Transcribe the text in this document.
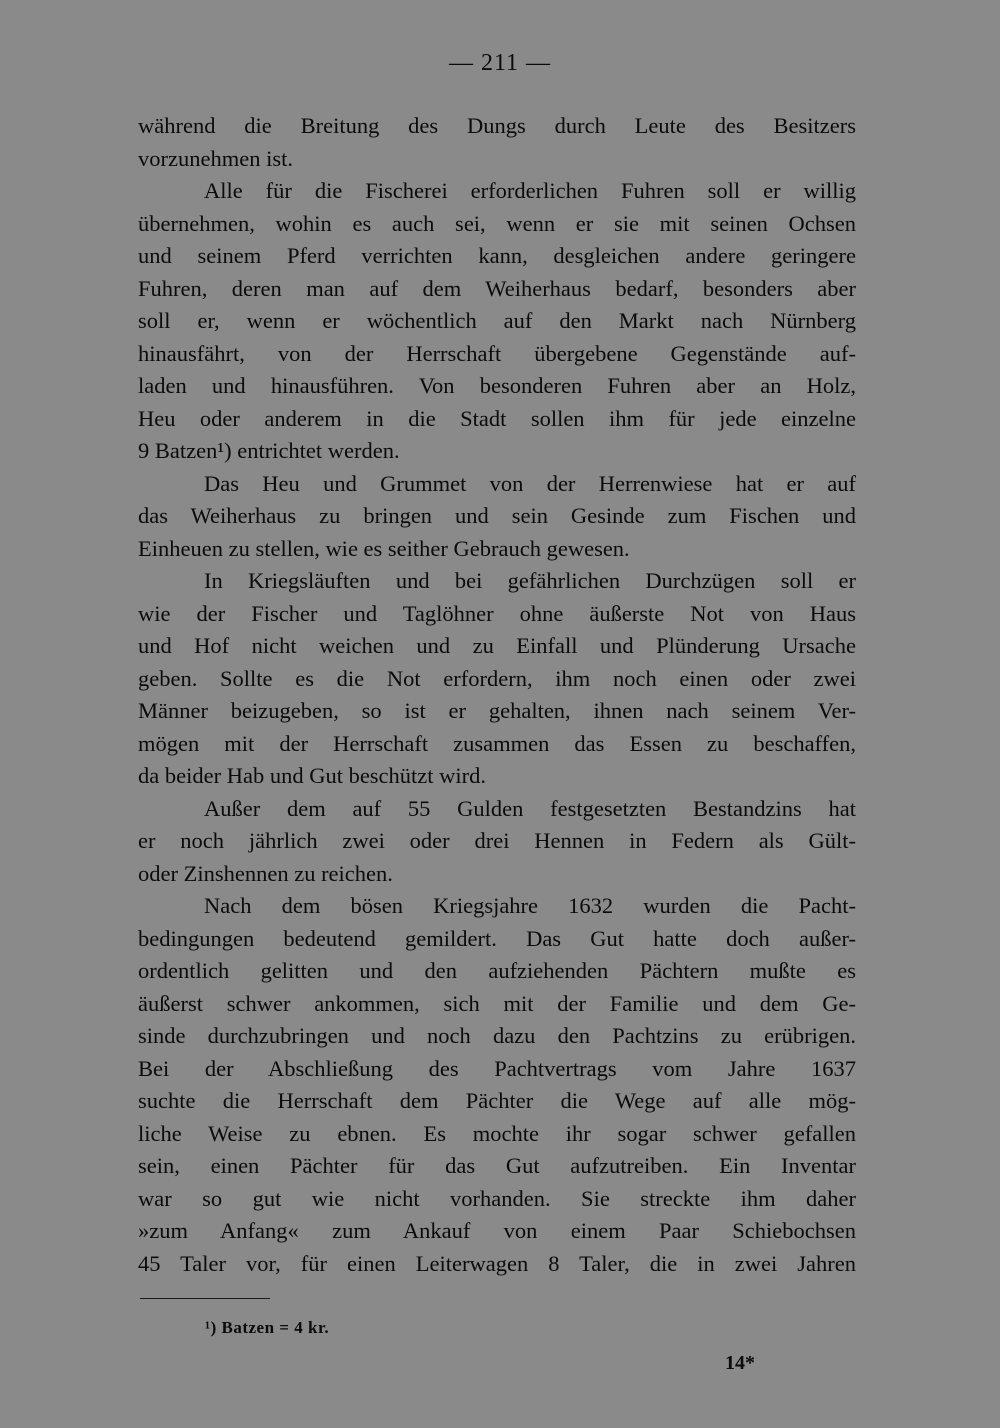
— 211 —
während die Breitung des Dungs durch Leute des Besitzers
vorzunehmen ist.
Alle für die Fischerei erforderlichen Fuhren soll er willig
übernehmen, wohin es auch sei, wenn er sie mit seinen Ochsen
und seinem Pferd verrichten kann, desgleichen andere geringere
Fuhren, deren man auf dem Weiherhaus bedarf, besonders aber
soll er, wenn er wöchentlich auf den Markt nach Nürnberg
hinausfährt, von der Herrschaft übergebene Gegenstände auf-
laden und hinausführen. Von besonderen Fuhren aber an Holz,
Heu oder anderem in die Stadt sollen ihm für jede einzelne
9 Batzen¹) entrichtet werden.
Das Heu und Grummet von der Herrenwiese hat er auf
das Weiherhaus zu bringen und sein Gesinde zum Fischen und
Einheuen zu stellen, wie es seither Gebrauch gewesen.
In Kriegsläuften und bei gefährlichen Durchzügen soll er
wie der Fischer und Taglöhner ohne äußerste Not von Haus
und Hof nicht weichen und zu Einfall und Plünderung Ursache
geben. Sollte es die Not erfordern, ihm noch einen oder zwei
Männer beizugeben, so ist er gehalten, ihnen nach seinem Ver-
mögen mit der Herrschaft zusammen das Essen zu beschaffen,
da beider Hab und Gut beschützt wird.
Außer dem auf 55 Gulden festgesetzten Bestandzins hat
er noch jährlich zwei oder drei Hennen in Federn als Gült-
oder Zinshennen zu reichen.
Nach dem bösen Kriegsjahre 1632 wurden die Pacht-
bedingungen bedeutend gemildert. Das Gut hatte doch außer-
ordentlich gelitten und den aufziehenden Pächtern mußte es
äußerst schwer ankommen, sich mit der Familie und dem Ge-
sinde durchzubringen und noch dazu den Pachtzins zu erübrigen.
Bei der Abschließung des Pachtvertrags vom Jahre 1637
suchte die Herrschaft dem Pächter die Wege auf alle mög-
liche Weise zu ebnen. Es mochte ihr sogar schwer gefallen
sein, einen Pächter für das Gut aufzutreiben. Ein Inventar
war so gut wie nicht vorhanden. Sie streckte ihm daher
»zum Anfang« zum Ankauf von einem Paar Schiebochsen
45 Taler vor, für einen Leiterwagen 8 Taler, die in zwei Jahren
¹) Batzen = 4 kr.
14*
